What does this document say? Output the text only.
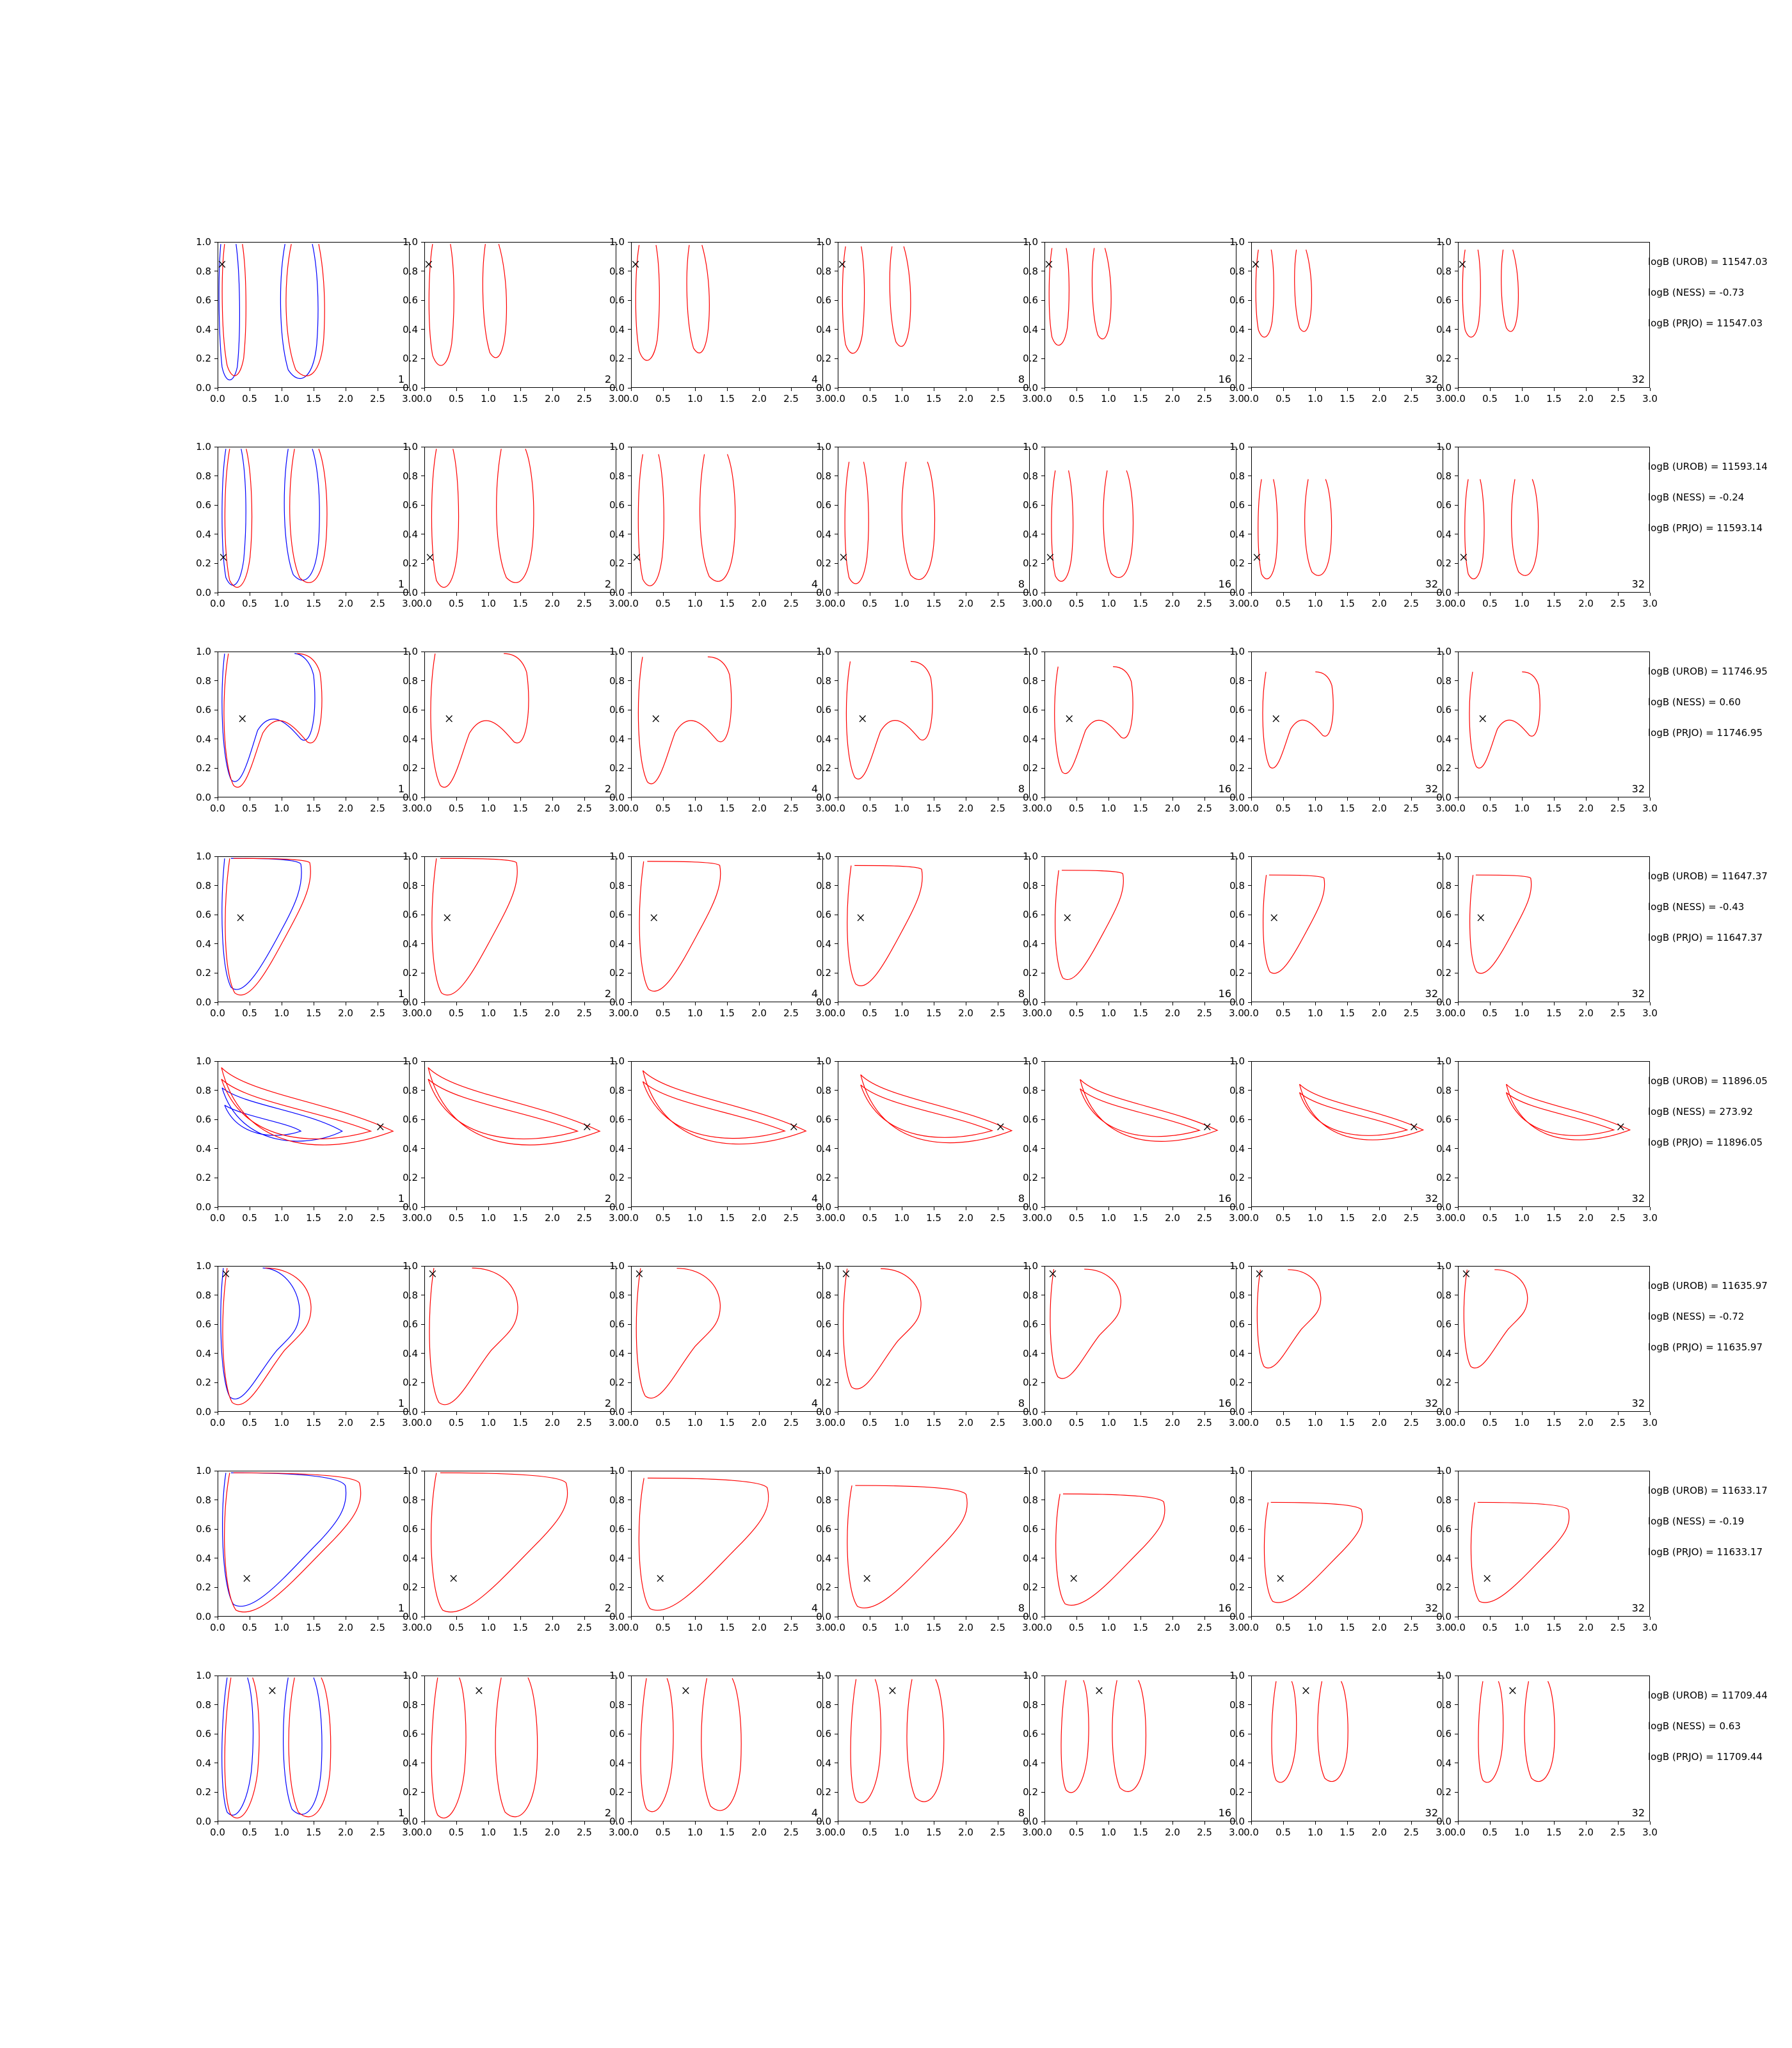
1
0.0 0.5 1.0 1.5 2.0 2.5 3.0
0.0
0.2
0.4
0.6
0.8
1.0
2
0.0 0.5 1.0 1.5 2.0 2.5 3.0
0.0
0.2
0.4
0.6
0.8
1.0
4
0.0 0.5 1.0 1.5 2.0 2.5 3.0
0.0
0.2
0.4
0.6
0.8
1.0
8
0.0 0.5 1.0 1.5 2.0 2.5 3.0
0.0
0.2
0.4
0.6
0.8
1.0
16
0.0 0.5 1.0 1.5 2.0 2.5 3.0
0.0
0.2
0.4
0.6
0.8
1.0
32
0.0 0.5 1.0 1.5 2.0 2.5 3.0
0.0
0.2
0.4
0.6
0.8
1.0
32
0.0 0.5 1.0 1.5 2.0 2.5 3.0
0.0
0.2
0.4
0.6
0.8
1.0
logB (UROB) = 11547.03
logB (NESS) = -0.73
logB (PRJO) = 11547.03
1
0.0 0.5 1.0 1.5 2.0 2.5 3.0
0.0
0.2
0.4
0.6
0.8
1.0
2
0.0 0.5 1.0 1.5 2.0 2.5 3.0
0.0
0.2
0.4
0.6
0.8
1.0
4
0.0 0.5 1.0 1.5 2.0 2.5 3.0
0.0
0.2
0.4
0.6
0.8
1.0
8
0.0 0.5 1.0 1.5 2.0 2.5 3.0
0.0
0.2
0.4
0.6
0.8
1.0
16
0.0 0.5 1.0 1.5 2.0 2.5 3.0
0.0
0.2
0.4
0.6
0.8
1.0
32
0.0 0.5 1.0 1.5 2.0 2.5 3.0
0.0
0.2
0.4
0.6
0.8
1.0
32
0.0 0.5 1.0 1.5 2.0 2.5 3.0
0.0
0.2
0.4
0.6
0.8
1.0
logB (UROB) = 11593.14
logB (NESS) = -0.24
logB (PRJO) = 11593.14
1
0.0 0.5 1.0 1.5 2.0 2.5 3.0
0.0
0.2
0.4
0.6
0.8
1.0
2
0.0 0.5 1.0 1.5 2.0 2.5 3.0
0.0
0.2
0.4
0.6
0.8
1.0
4
0.0 0.5 1.0 1.5 2.0 2.5 3.0
0.0
0.2
0.4
0.6
0.8
1.0
8
0.0 0.5 1.0 1.5 2.0 2.5 3.0
0.0
0.2
0.4
0.6
0.8
1.0
16
0.0 0.5 1.0 1.5 2.0 2.5 3.0
0.0
0.2
0.4
0.6
0.8
1.0
32
0.0 0.5 1.0 1.5 2.0 2.5 3.0
0.0
0.2
0.4
0.6
0.8
1.0
32
0.0 0.5 1.0 1.5 2.0 2.5 3.0
0.0
0.2
0.4
0.6
0.8
1.0
logB (UROB) = 11746.95
logB (NESS) = 0.60
logB (PRJO) = 11746.95
1
0.0 0.5 1.0 1.5 2.0 2.5 3.0
0.0
0.2
0.4
0.6
0.8
1.0
2
0.0 0.5 1.0 1.5 2.0 2.5 3.0
0.0
0.2
0.4
0.6
0.8
1.0
4
0.0 0.5 1.0 1.5 2.0 2.5 3.0
0.0
0.2
0.4
0.6
0.8
1.0
8
0.0 0.5 1.0 1.5 2.0 2.5 3.0
0.0
0.2
0.4
0.6
0.8
1.0
16
0.0 0.5 1.0 1.5 2.0 2.5 3.0
0.0
0.2
0.4
0.6
0.8
1.0
32
0.0 0.5 1.0 1.5 2.0 2.5 3.0
0.0
0.2
0.4
0.6
0.8
1.0
32
0.0 0.5 1.0 1.5 2.0 2.5 3.0
0.0
0.2
0.4
0.6
0.8
1.0
logB (UROB) = 11647.37
logB (NESS) = -0.43
logB (PRJO) = 11647.37
1
0.0 0.5 1.0 1.5 2.0 2.5 3.0
0.0
0.2
0.4
0.6
0.8
1.0
2
0.0 0.5 1.0 1.5 2.0 2.5 3.0
0.0
0.2
0.4
0.6
0.8
1.0
4
0.0 0.5 1.0 1.5 2.0 2.5 3.0
0.0
0.2
0.4
0.6
0.8
1.0
8
0.0 0.5 1.0 1.5 2.0 2.5 3.0
0.0
0.2
0.4
0.6
0.8
1.0
16
0.0 0.5 1.0 1.5 2.0 2.5 3.0
0.0
0.2
0.4
0.6
0.8
1.0
32
0.0 0.5 1.0 1.5 2.0 2.5 3.0
0.0
0.2
0.4
0.6
0.8
1.0
32
0.0 0.5 1.0 1.5 2.0 2.5 3.0
0.0
0.2
0.4
0.6
0.8
1.0
logB (UROB) = 11896.05
logB (NESS) = 273.92
logB (PRJO) = 11896.05
1
0.0 0.5 1.0 1.5 2.0 2.5 3.0
0.0
0.2
0.4
0.6
0.8
1.0
2
0.0 0.5 1.0 1.5 2.0 2.5 3.0
0.0
0.2
0.4
0.6
0.8
1.0
4
0.0 0.5 1.0 1.5 2.0 2.5 3.0
0.0
0.2
0.4
0.6
0.8
1.0
8
0.0 0.5 1.0 1.5 2.0 2.5 3.0
0.0
0.2
0.4
0.6
0.8
1.0
16
0.0 0.5 1.0 1.5 2.0 2.5 3.0
0.0
0.2
0.4
0.6
0.8
1.0
32
0.0 0.5 1.0 1.5 2.0 2.5 3.0
0.0
0.2
0.4
0.6
0.8
1.0
32
0.0 0.5 1.0 1.5 2.0 2.5 3.0
0.0
0.2
0.4
0.6
0.8
1.0
logB (UROB) = 11635.97
logB (NESS) = -0.72
logB (PRJO) = 11635.97
1
0.0 0.5 1.0 1.5 2.0 2.5 3.0
0.0
0.2
0.4
0.6
0.8
1.0
2
0.0 0.5 1.0 1.5 2.0 2.5 3.0
0.0
0.2
0.4
0.6
0.8
1.0
4
0.0 0.5 1.0 1.5 2.0 2.5 3.0
0.0
0.2
0.4
0.6
0.8
1.0
8
0.0 0.5 1.0 1.5 2.0 2.5 3.0
0.0
0.2
0.4
0.6
0.8
1.0
16
0.0 0.5 1.0 1.5 2.0 2.5 3.0
0.0
0.2
0.4
0.6
0.8
1.0
32
0.0 0.5 1.0 1.5 2.0 2.5 3.0
0.0
0.2
0.4
0.6
0.8
1.0
32
0.0 0.5 1.0 1.5 2.0 2.5 3.0
0.0
0.2
0.4
0.6
0.8
1.0
logB (UROB) = 11633.17
logB (NESS) = -0.19
logB (PRJO) = 11633.17
1
0.0 0.5 1.0 1.5 2.0 2.5 3.0
0.0
0.2
0.4
0.6
0.8
1.0
2
0.0 0.5 1.0 1.5 2.0 2.5 3.0
0.0
0.2
0.4
0.6
0.8
1.0
4
0.0 0.5 1.0 1.5 2.0 2.5 3.0
0.0
0.2
0.4
0.6
0.8
1.0
8
0.0 0.5 1.0 1.5 2.0 2.5 3.0
0.0
0.2
0.4
0.6
0.8
1.0
16
0.0 0.5 1.0 1.5 2.0 2.5 3.0
0.0
0.2
0.4
0.6
0.8
1.0
32
0.0 0.5 1.0 1.5 2.0 2.5 3.0
0.0
0.2
0.4
0.6
0.8
1.0
32
0.0 0.5 1.0 1.5 2.0 2.5 3.0
0.0
0.2
0.4
0.6
0.8
1.0
logB (UROB) = 11709.44
logB (NESS) = 0.63
logB (PRJO) = 11709.44
